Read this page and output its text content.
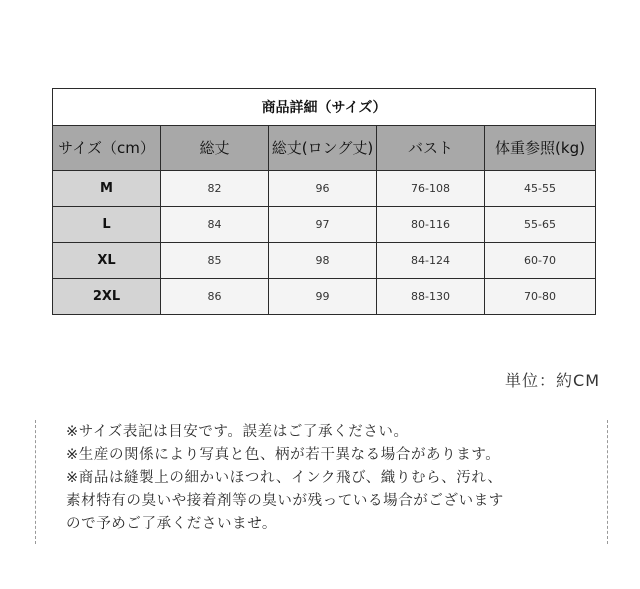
商品詳細（サイズ）				
サイズ（cm）	総丈	総丈(ロング丈)	バスト	体重参照(kg)
M	82	96	76-108	45-55
L	84	97	80-116	55-65
XL	85	98	84-124	60-70
2XL	86	99	88-130	70-80
単位：約CM
※サイズ表記は目安です。誤差はご了承ください。
※生産の関係により写真と色、柄が若干異なる場合があります。
※商品は縫製上の細かいほつれ、インク飛び、織りむら、汚れ、
素材特有の臭いや接着剤等の臭いが残っている場合がございます
ので予めご了承くださいませ。
